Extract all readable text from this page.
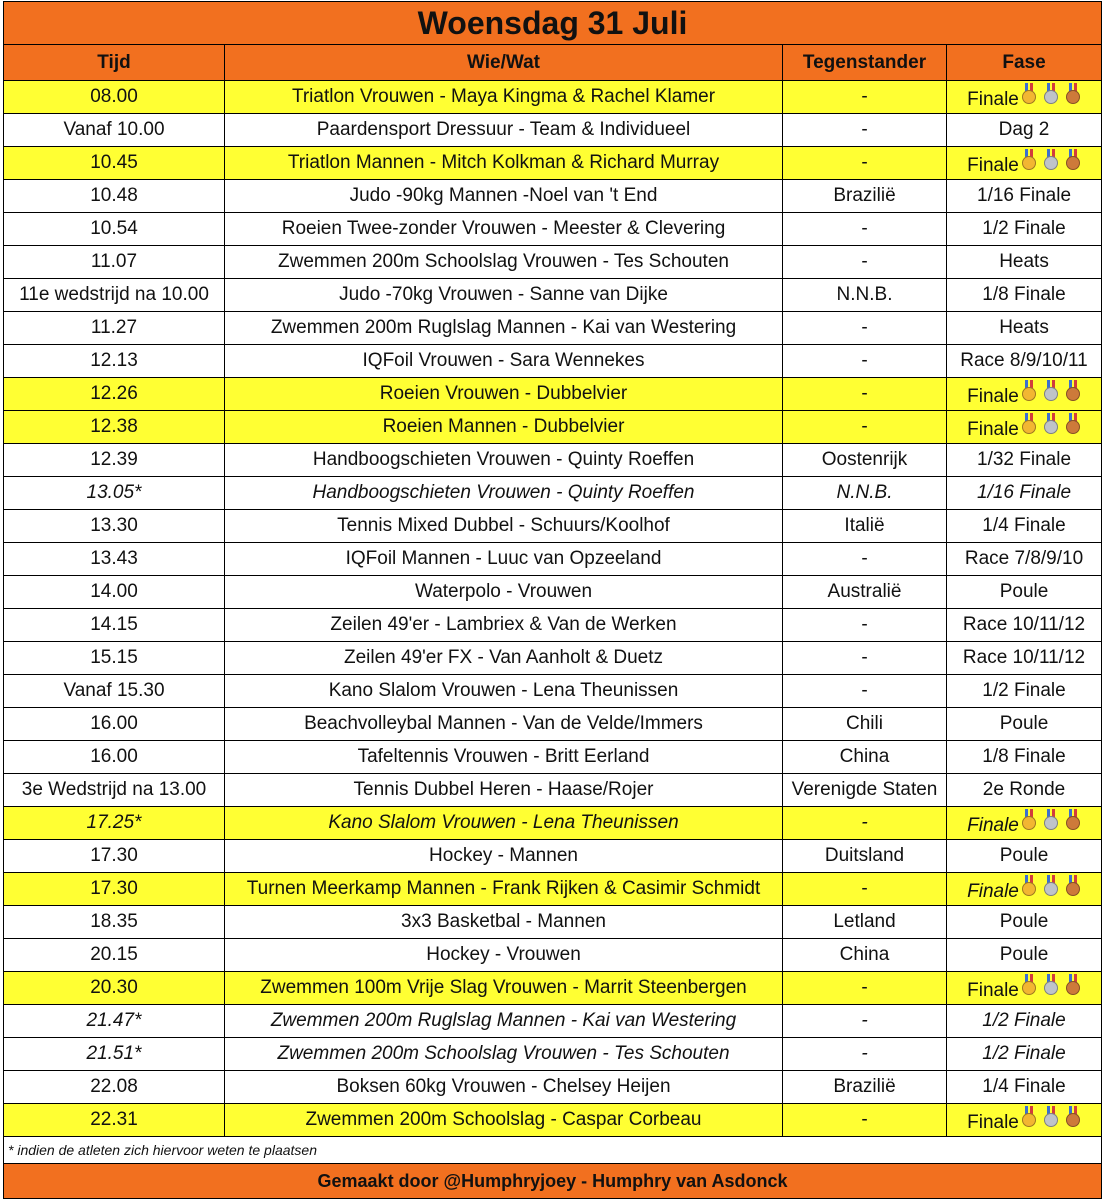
Woensdag 31 Juli			
Tijd	Wie/Wat	Tegenstander	Fase
08.00	Triatlon Vrouwen - Maya Kingma & Rachel Klamer	-	Finale

Vanaf 10.00	Paardensport Dressuur - Team & Individueel	-	Dag 2
10.45	Triatlon Mannen - Mitch Kolkman & Richard Murray	-	Finale

10.48	Judo -90kg Mannen -Noel van 't End	Brazilië	1/16 Finale
10.54	Roeien Twee-zonder Vrouwen - Meester & Clevering	-	1/2 Finale
11.07	Zwemmen 200m Schoolslag Vrouwen - Tes Schouten	-	Heats
11e wedstrijd na 10.00	Judo -70kg Vrouwen - Sanne van Dijke	N.N.B.	1/8 Finale
11.27	Zwemmen 200m Ruglslag Mannen - Kai van Westering	-	Heats
12.13	IQFoil Vrouwen - Sara Wennekes	-	Race 8/9/10/11
12.26	Roeien Vrouwen - Dubbelvier	-	Finale

12.38	Roeien Mannen - Dubbelvier	-	Finale

12.39	Handboogschieten Vrouwen - Quinty Roeffen	Oostenrijk	1/32 Finale
13.05*	Handboogschieten Vrouwen - Quinty Roeffen	N.N.B.	1/16 Finale
13.30	Tennis Mixed Dubbel - Schuurs/Koolhof	Italië	1/4 Finale
13.43	IQFoil Mannen - Luuc van Opzeeland	-	Race 7/8/9/10
14.00	Waterpolo - Vrouwen	Australië	Poule
14.15	Zeilen 49'er - Lambriex & Van de Werken	-	Race 10/11/12
15.15	Zeilen 49'er FX - Van Aanholt & Duetz	-	Race 10/11/12
Vanaf 15.30	Kano Slalom Vrouwen - Lena Theunissen	-	1/2 Finale
16.00	Beachvolleybal Mannen - Van de Velde/Immers	Chili	Poule
16.00	Tafeltennis Vrouwen - Britt Eerland	China	1/8 Finale
3e Wedstrijd na 13.00	Tennis Dubbel Heren - Haase/Rojer	Verenigde Staten	2e Ronde
17.25*	Kano Slalom Vrouwen - Lena Theunissen	-	Finale

17.30	Hockey - Mannen	Duitsland	Poule
17.30	Turnen Meerkamp Mannen - Frank Rijken & Casimir Schmidt	-	Finale

18.35	3x3 Basketbal - Mannen	Letland	Poule
20.15	Hockey - Vrouwen	China	Poule
20.30	Zwemmen 100m Vrije Slag Vrouwen - Marrit Steenbergen	-	Finale

21.47*	Zwemmen 200m Ruglslag Mannen - Kai van Westering	-	1/2 Finale
21.51*	Zwemmen 200m Schoolslag Vrouwen - Tes Schouten	-	1/2 Finale
22.08	Boksen 60kg Vrouwen - Chelsey Heijen	Brazilië	1/4 Finale
22.31	Zwemmen 200m Schoolslag - Caspar Corbeau	-	Finale

* indien de atleten zich hiervoor weten te plaatsen			
Gemaakt door @Humphryjoey - Humphry van Asdonck			
